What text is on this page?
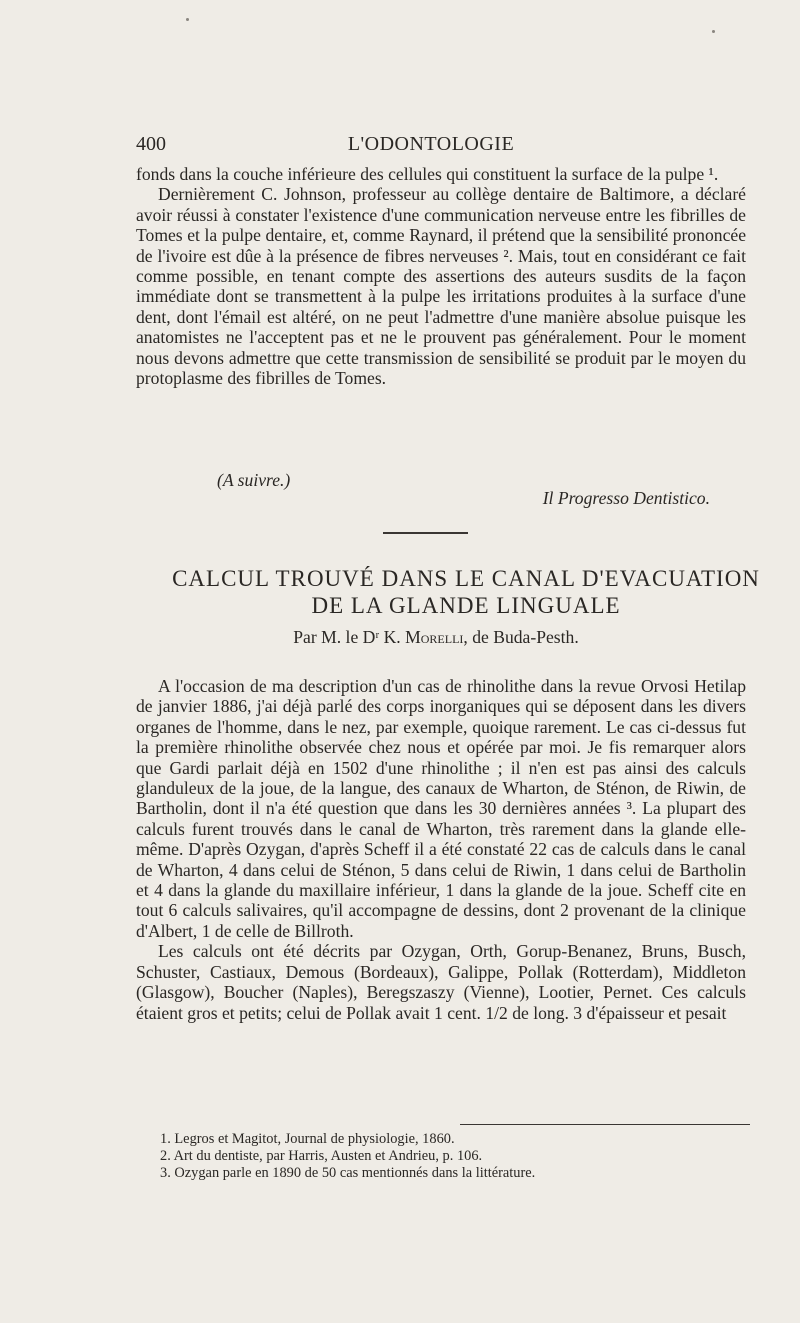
400	L'ODONTOLOGIE

fonds dans la couche inférieure des cellules qui constituent la surface de la pulpe ¹.

Dernièrement C. Johnson, professeur au collège dentaire de Baltimore, a déclaré avoir réussi à constater l'existence d'une communication nerveuse entre les fibrilles de Tomes et la pulpe dentaire, et, comme Raynard, il prétend que la sensibilité prononcée de l'ivoire est dûe à la présence de fibres nerveuses ². Mais, tout en considérant ce fait comme possible, en tenant compte des assertions des auteurs susdits de la façon immédiate dont se transmettent à la pulpe les irritations produites à la surface d'une dent, dont l'émail est altéré, on ne peut l'admettre d'une manière absolue puisque les anatomistes ne l'acceptent pas et ne le prouvent pas généralement. Pour le moment nous devons admettre que cette transmission de sensibilité se produit par le moyen du protoplasme des fibrilles de Tomes.

(A suivre.)
Il Progresso Dentistico.
CALCUL TROUVÉ DANS LE CANAL D'EVACUATION
DE LA GLANDE LINGUALE
Par M. le Dʳ K. Morelli, de Buda-Pesth.

A l'occasion de ma description d'un cas de rhinolithe dans la revue Orvosi Hetilap de janvier 1886, j'ai déjà parlé des corps inorganiques qui se déposent dans les divers organes de l'homme, dans le nez, par exemple, quoique rarement. Le cas ci-dessus fut la première rhinolithe observée chez nous et opérée par moi. Je fis remarquer alors que Gardi parlait déjà en 1502 d'une rhinolithe ; il n'en est pas ainsi des calculs glanduleux de la joue, de la langue, des canaux de Wharton, de Sténon, de Riwin, de Bartholin, dont il n'a été question que dans les 30 dernières années ³. La plupart des calculs furent trouvés dans le canal de Wharton, très rarement dans la glande elle-même. D'après Ozygan, d'après Scheff il a été constaté 22 cas de calculs dans le canal de Wharton, 4 dans celui de Sténon, 5 dans celui de Riwin, 1 dans celui de Bartholin et 4 dans la glande du maxillaire inférieur, 1 dans la glande de la joue. Scheff cite en tout 6 calculs salivaires, qu'il accompagne de dessins, dont 2 provenant de la clinique d'Albert, 1 de celle de Billroth.

Les calculs ont été décrits par Ozygan, Orth, Gorup-Benanez, Bruns, Busch, Schuster, Castiaux, Demous (Bordeaux), Galippe, Pollak (Rotterdam), Middleton (Glasgow), Boucher (Naples), Beregszaszy (Vienne), Lootier, Pernet. Ces calculs étaient gros et petits; celui de Pollak avait 1 cent. 1/2 de long. 3 d'épaisseur et pesait

1. Legros et Magitot, Journal de physiologie, 1860.
2. Art du dentiste, par Harris, Austen et Andrieu, p. 106.
3. Ozygan parle en 1890 de 50 cas mentionnés dans la littérature.
